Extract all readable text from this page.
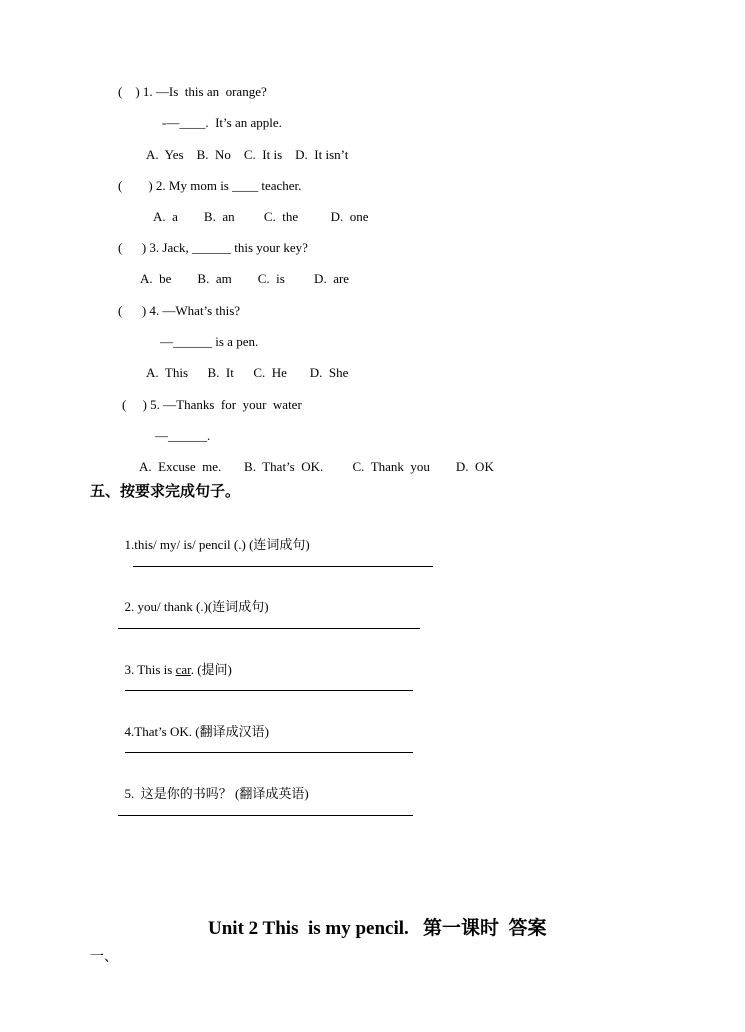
(    ) 1. —Is  this an  orange?
-—____.  It’s an apple.
A.  Yes    B.  No    C.  It is    D.  It isn’t
(        ) 2. My mom is ____ teacher.
A.  a        B.  an         C.  the          D.  one
(      ) 3. Jack, ______ this your key?
A.  be        B.  am        C.  is         D.  are
(      ) 4. —What’s this?
—______ is a pen.
A.  This      B.  It      C.  He       D.  She
(     ) 5. —Thanks  for  your  water
—______.
A.  Excuse  me.       B.  That’s  OK.         C.  Thank  you        D.  OK
五、按要求完成句子。

1.this/ my/ is/ pencil (.) (连词成句)

2. you/ thank (.)(连词成句)

3. This is car. (提问)

4.That’s OK. (翻译成汉语)

5.  这是你的书吗？ (翻译成英语)

Unit 2 This  is my pencil.   第一课时  答案
一、
